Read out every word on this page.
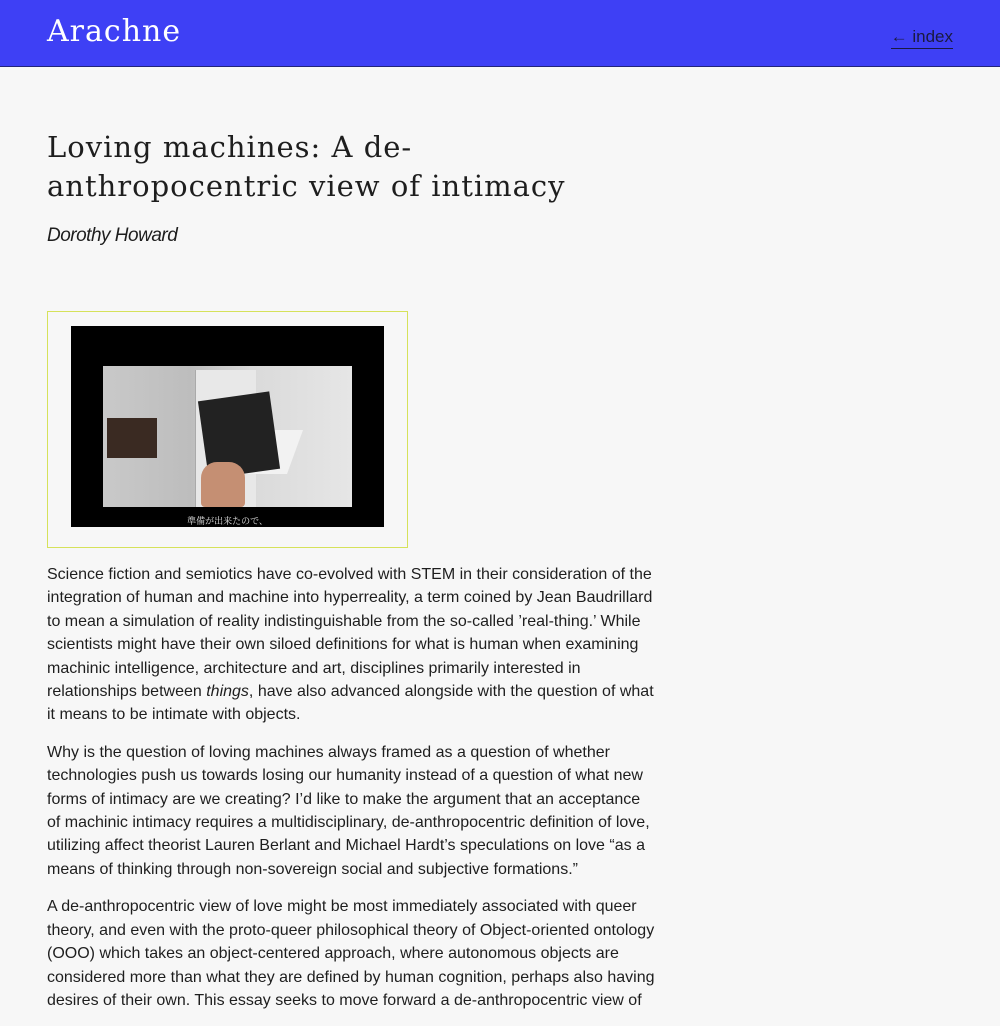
Arachne	← index
Loving machines: A de-anthropocentric view of intimacy

Dorothy Howard

準備が出来たので、

Science fiction and semiotics have co-evolved with STEM in their consideration of the integration of human and machine into hyperreality, a term coined by Jean Baudrillard to mean a simulation of reality indistinguishable from the so-called ’real-thing.’ While scientists might have their own siloed definitions for what is human when examining machinic intelligence, architecture and art, disciplines primarily interested in relationships between things, have also advanced alongside with the question of what it means to be intimate with objects.

Why is the question of loving machines always framed as a question of whether technologies push us towards losing our humanity instead of a question of what new forms of intimacy are we creating? I’d like to make the argument that an acceptance of machinic intimacy requires a multidisciplinary, de-anthropocentric definition of love, utilizing affect theorist Lauren Berlant and Michael Hardt’s speculations on love “as a means of thinking through non-sovereign social and subjective formations.”

A de-anthropocentric view of love might be most immediately associated with queer theory, and even with the proto-queer philosophical theory of Object-oriented ontology (OOO) which takes an object-centered approach, where autonomous objects are considered more than what they are defined by human cognition, perhaps also having desires of their own. This essay seeks to move forward a de-anthropocentric view of
